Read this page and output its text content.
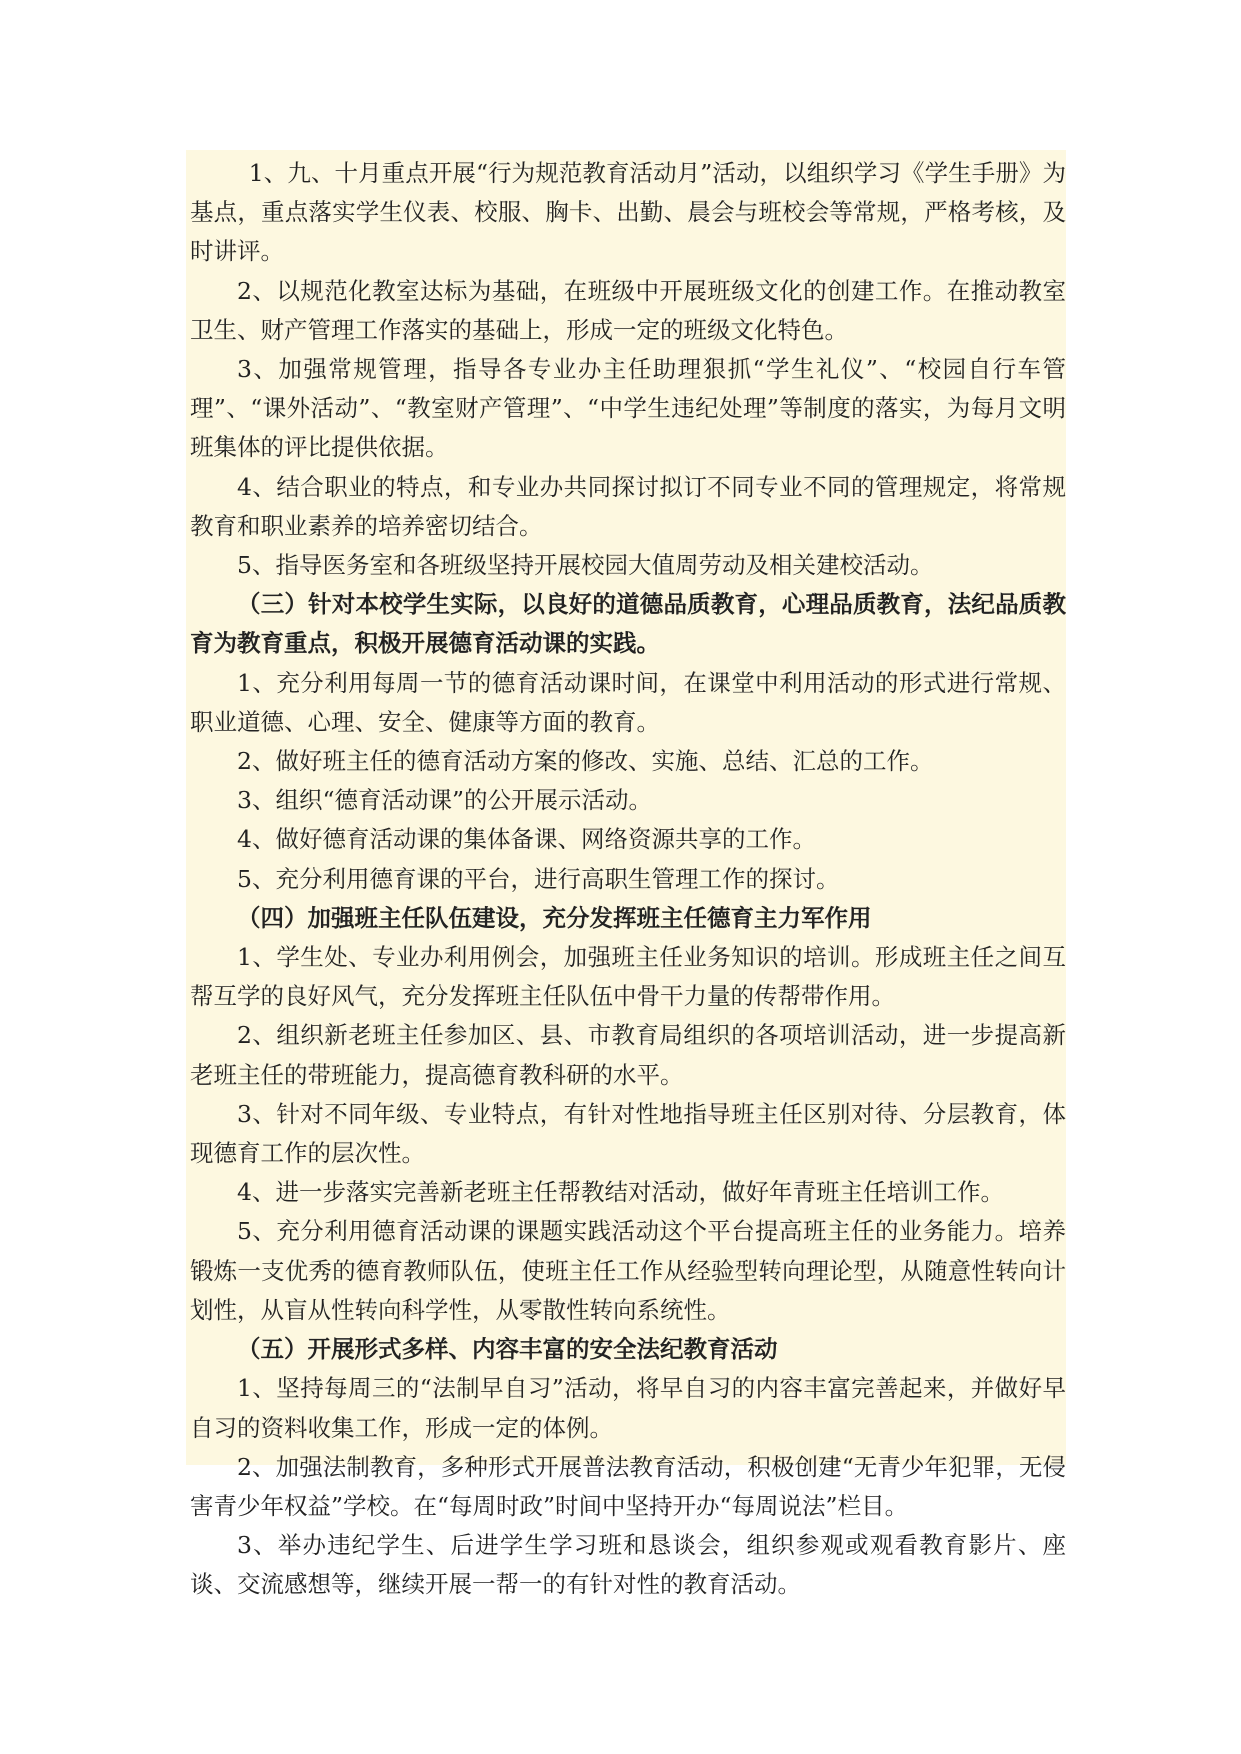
1、九、十月重点开展“行为规范教育活动月”活动，以组织学习《学生手册》为基点，重点落实学生仪表、校服、胸卡、出勤、晨会与班校会等常规，严格考核，及时讲评。

2、以规范化教室达标为基础，在班级中开展班级文化的创建工作。在推动教室卫生、财产管理工作落实的基础上，形成一定的班级文化特色。

3、加强常规管理，指导各专业办主任助理狠抓“学生礼仪”、“校园自行车管理”、“课外活动”、“教室财产管理”、“中学生违纪处理”等制度的落实，为每月文明班集体的评比提供依据。

4、结合职业的特点，和专业办共同探讨拟订不同专业不同的管理规定，将常规教育和职业素养的培养密切结合。

5、指导医务室和各班级坚持开展校园大值周劳动及相关建校活动。

（三）针对本校学生实际，以良好的道德品质教育，心理品质教育，法纪品质教育为教育重点，积极开展德育活动课的实践。

1、充分利用每周一节的德育活动课时间，在课堂中利用活动的形式进行常规、职业道德、心理、安全、健康等方面的教育。

2、做好班主任的德育活动方案的修改、实施、总结、汇总的工作。

3、组织“德育活动课”的公开展示活动。

4、做好德育活动课的集体备课、网络资源共享的工作。

5、充分利用德育课的平台，进行高职生管理工作的探讨。

（四）加强班主任队伍建设，充分发挥班主任德育主力军作用

1、学生处、专业办利用例会，加强班主任业务知识的培训。形成班主任之间互帮互学的良好风气，充分发挥班主任队伍中骨干力量的传帮带作用。

2、组织新老班主任参加区、县、市教育局组织的各项培训活动，进一步提高新老班主任的带班能力，提高德育教科研的水平。

3、针对不同年级、专业特点，有针对性地指导班主任区别对待、分层教育，体现德育工作的层次性。

4、进一步落实完善新老班主任帮教结对活动，做好年青班主任培训工作。

5、充分利用德育活动课的课题实践活动这个平台提高班主任的业务能力。培养锻炼一支优秀的德育教师队伍，使班主任工作从经验型转向理论型，从随意性转向计划性，从盲从性转向科学性，从零散性转向系统性。

（五）开展形式多样、内容丰富的安全法纪教育活动

1、坚持每周三的“法制早自习”活动，将早自习的内容丰富完善起来，并做好早自习的资料收集工作，形成一定的体例。

2、加强法制教育，多种形式开展普法教育活动，积极创建“无青少年犯罪，无侵害青少年权益”学校。在“每周时政”时间中坚持开办“每周说法”栏目。

3、举办违纪学生、后进学生学习班和恳谈会，组织参观或观看教育影片、座谈、交流感想等，继续开展一帮一的有针对性的教育活动。
